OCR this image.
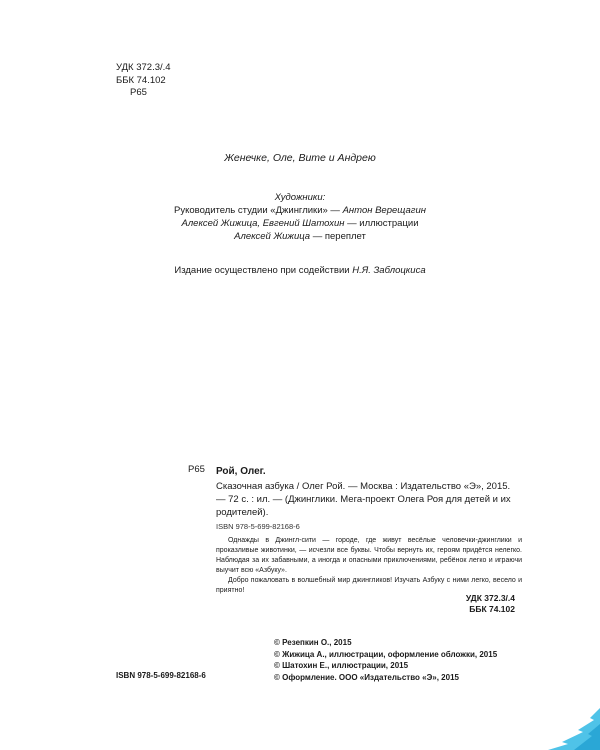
УДК 372.3/.4
ББК 74.102
Р65
Женечке, Оле, Вите и Андрею
Художники:
Руководитель студии «Джинглики» — Антон Верещагин
Алексей Жижица, Евгений Шатохин — иллюстрации
Алексей Жижица — переплет
Издание осуществлено при содействии Н.Я. Заблоцкиса
Р65 Рой, Олег.
Сказочная азбука / Олег Рой. — Москва : Издательство «Э», 2015. — 72 с. : ил. — (Джинглики. Мега-проект Олега Роя для детей и их родителей).
ISBN 978-5-699-82168-6

Однажды в Джингл-сити — городе, где живут весёлые человечки-джинглики и проказливые животинки, — исчезли все буквы. Чтобы вернуть их, героям придётся нелегко. Наблюдая за их забавными, а иногда и опасными приключениями, ребёнок легко и играючи выучит всю «Азбуку».

Добро пожаловать в волшебный мир джингликов! Изучать Азбуку с ними легко, весело и приятно!

УДК 372.3/.4
ББК 74.102
© Резепкин О., 2015
© Жижица А., иллюстрации, оформление обложки, 2015
© Шатохин Е., иллюстрации, 2015
© Оформление. ООО «Издательство «Э», 2015
ISBN 978-5-699-82168-6
